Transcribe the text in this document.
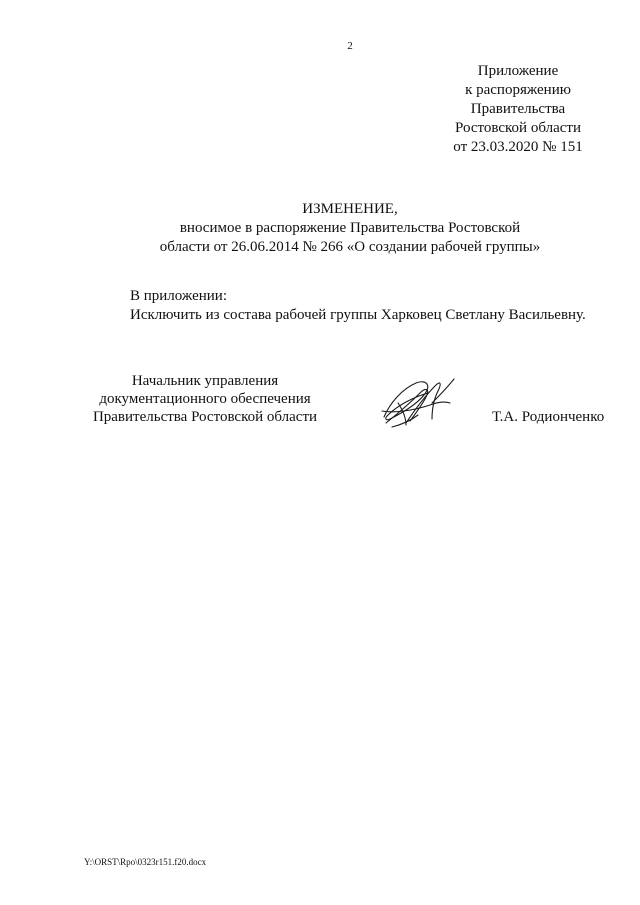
2
Приложение
к распоряжению
Правительства
Ростовской области
от 23.03.2020 № 151
ИЗМЕНЕНИЕ,
вносимое в распоряжение Правительства Ростовской
области от 26.06.2014 № 266 «О создании рабочей группы»
В приложении:
Исключить из состава рабочей группы Харковец Светлану Васильевну.
Начальник управления
документационного обеспечения
Правительства Ростовской области	Т.А. Родионченко
Y:\ORST\Rpo\0323r151.f20.docx
